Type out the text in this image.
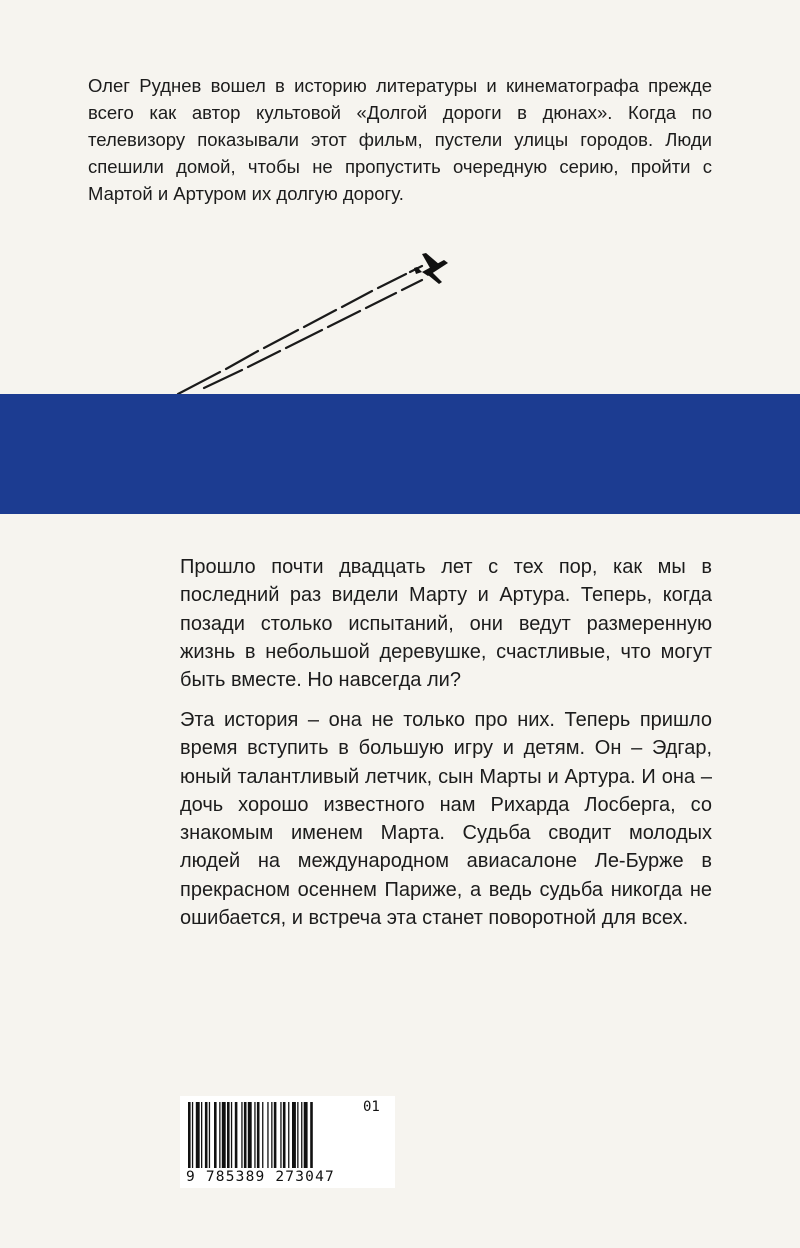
Олег Руднев вошел в историю литературы и кинематографа прежде всего как автор культовой «Долгой дороги в дюнах». Когда по телевизору показывали этот фильм, пустели улицы городов. Люди спешили домой, чтобы не пропустить очередную серию, пройти с Мартой и Артуром их долгую дорогу.

Прошло почти двадцать лет с тех пор, как мы в последний раз видели Марту и Артура. Теперь, когда позади столько испытаний, они ведут размеренную жизнь в небольшой деревушке, счастливые, что могут быть вместе. Но навсегда ли?

Эта история – она не только про них. Теперь пришло время вступить в большую игру и детям. Он – Эдгар, юный талантливый летчик, сын Марты и Артура. И она – дочь хорошо известного нам Рихарда Лосберга, со знакомым именем Марта. Судьба сводит молодых людей на международном авиасалоне Ле-Бурже в прекрасном осеннем Париже, а ведь судьба никогда не ошибается, и встреча эта станет поворотной для всех.

01
9 785389 273047
